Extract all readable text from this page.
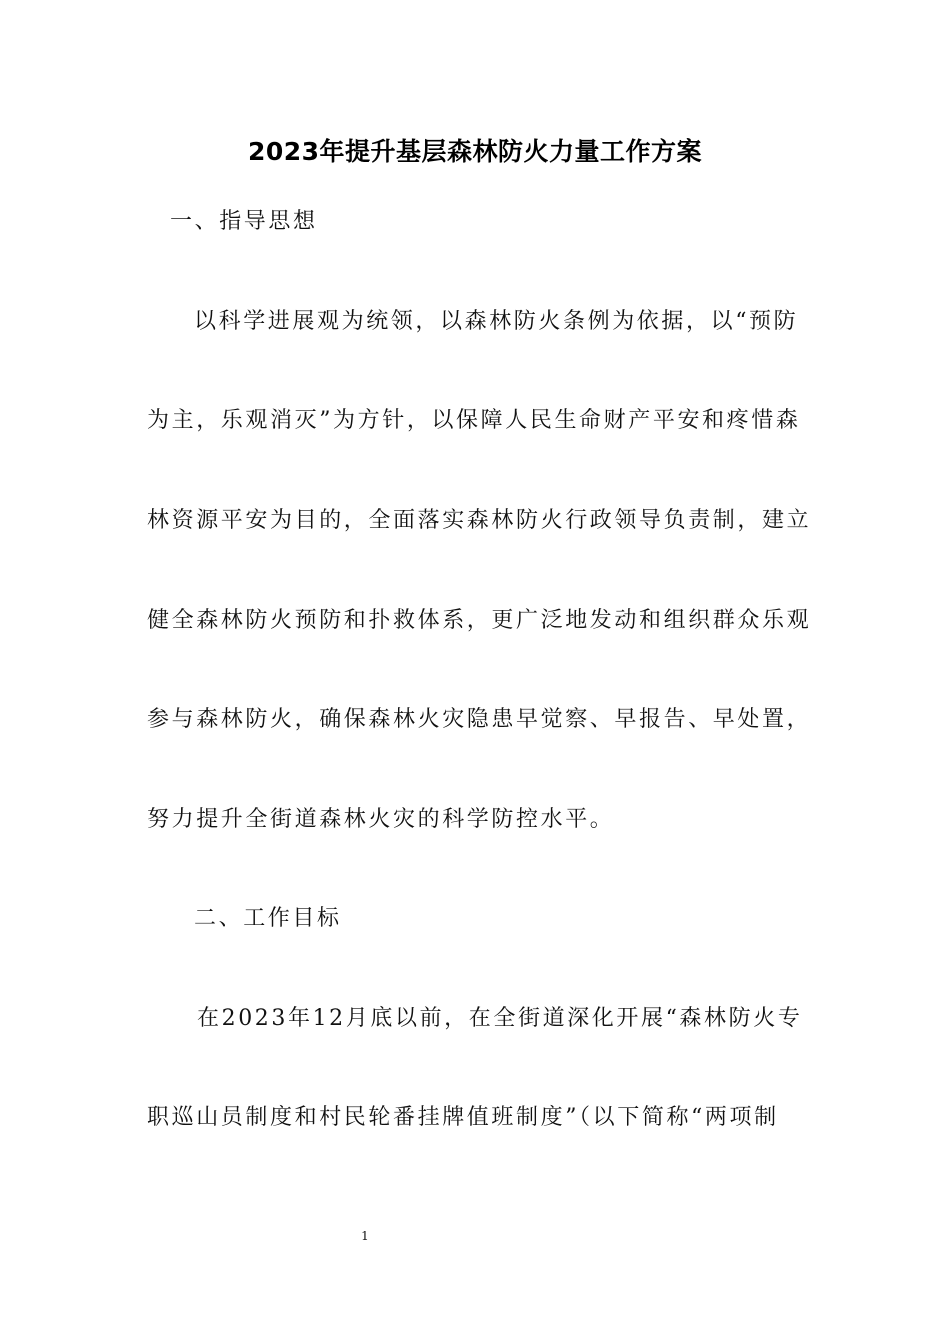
2023年提升基层森林防火力量工作方案
一、指导思想
以科学进展观为统领，以森林防火条例为依据，以“预防
为主，乐观消灭”为方针，以保障人民生命财产平安和疼惜森
林资源平安为目的，全面落实森林防火行政领导负责制，建立
健全森林防火预防和扑救体系，更广泛地发动和组织群众乐观
参与森林防火，确保森林火灾隐患早觉察、早报告、早处置，
努力提升全街道森林火灾的科学防控水平。
二、工作目标
在2023年12月底以前，在全街道深化开展“森林防火专
职巡山员制度和村民轮番挂牌值班制度”（以下简称“两项制
1
